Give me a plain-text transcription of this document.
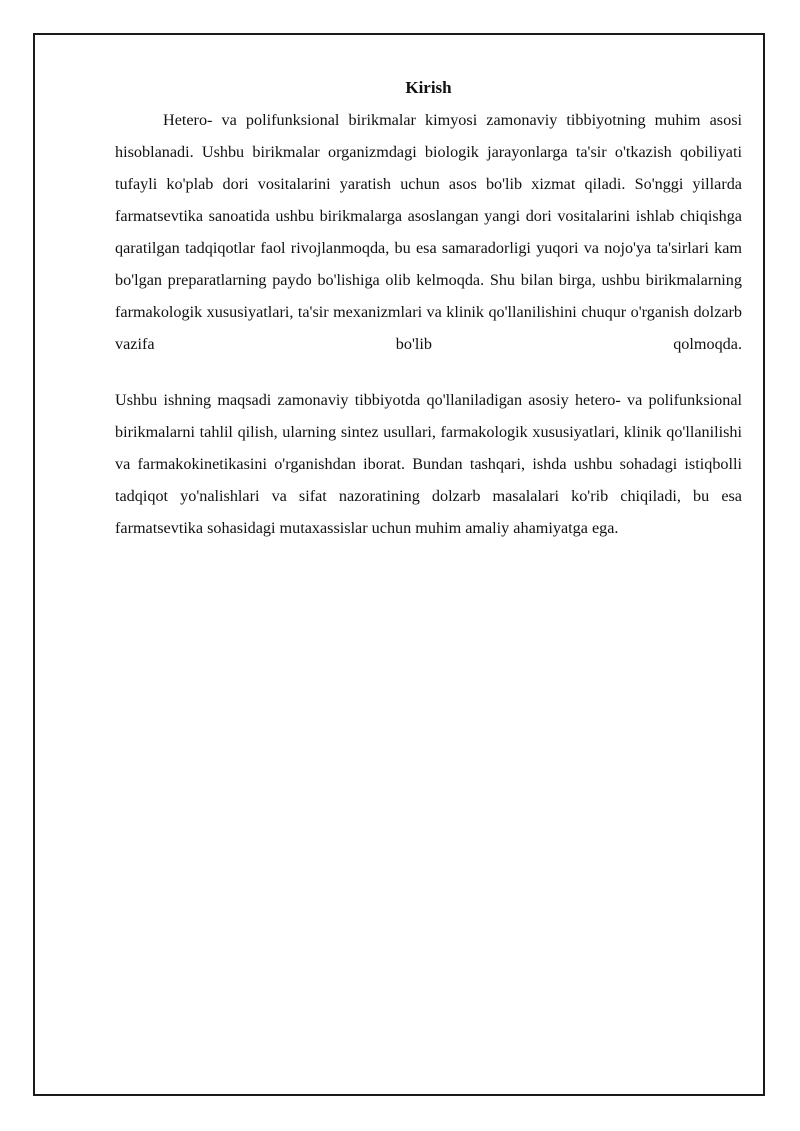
Kirish

Hetero- va polifunksional birikmalar kimyosi zamonaviy tibbiyotning muhim asosi hisoblanadi. Ushbu birikmalar organizmdagi biologik jarayonlarga ta'sir o'tkazish qobiliyati tufayli ko'plab dori vositalarini yaratish uchun asos bo'lib xizmat qiladi. So'nggi yillarda farmatsevtika sanoatida ushbu birikmalarga asoslangan yangi dori vositalarini ishlab chiqishga qaratilgan tadqiqotlar faol rivojlanmoqda, bu esa samaradorligi yuqori va nojo'ya ta'sirlari kam bo'lgan preparatlarning paydo bo'lishiga olib kelmoqda. Shu bilan birga, ushbu birikmalarning farmakologik xususiyatlari, ta'sir mexanizmlari va klinik qo'llanilishini chuqur o'rganish dolzarb vazifa bo'lib qolmoqda.

Ushbu ishning maqsadi zamonaviy tibbiyotda qo'llaniladigan asosiy hetero- va polifunksional birikmalarni tahlil qilish, ularning sintez usullari, farmakologik xususiyatlari, klinik qo'llanilishi va farmakokinetikasini o'rganishdan iborat. Bundan tashqari, ishda ushbu sohadagi istiqbolli tadqiqot yo'nalishlari va sifat nazoratining dolzarb masalalari ko'rib chiqiladi, bu esa farmatsevtika sohasidagi mutaxassislar uchun muhim amaliy ahamiyatga ega.
